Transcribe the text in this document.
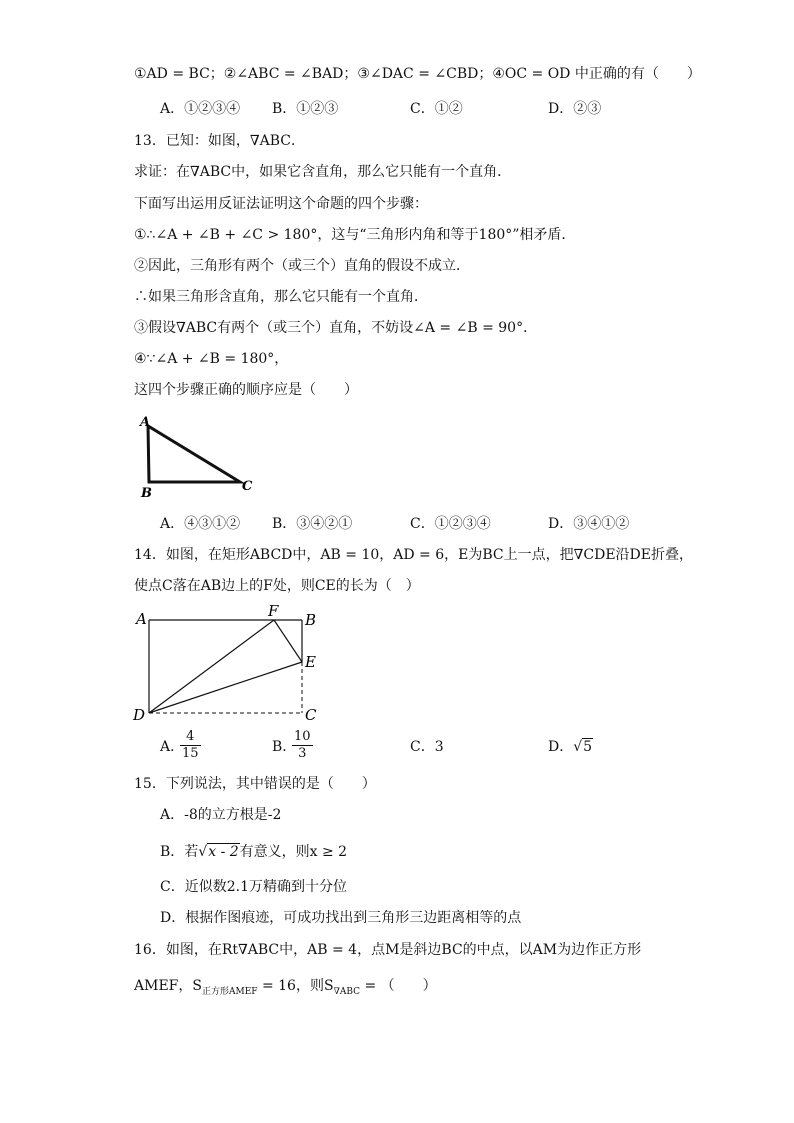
①AD = BC；②∠ABC = ∠BAD；③∠DAC = ∠CBD；④OC = OD 中正确的有（　　）
A．①②③④ B．①②③	C．①②	D．②③
13．已知：如图，∇ABC．
求证：在∇ABC中，如果它含直角，那么它只能有一个直角．
下面写出运用反证法证明这个命题的四个步骤：
①∴∠A + ∠B + ∠C > 180°，这与“三角形内角和等于180°”相矛盾．
②因此，三角形有两个（或三个）直角的假设不成立．
∴如果三角形含直角，那么它只能有一个直角．
③假设∇ABC有两个（或三个）直角，不妨设∠A = ∠B = 90°．
④∵∠A + ∠B = 180°，
这四个步骤正确的顺序应是（　　）
A
B	C
A．④③①② B．③④②①	C．①②③④	D．③④①②
14．如图，在矩形ABCD中，AB = 10，AD = 6，E为BC上一点，把∇CDE沿DE折叠，
使点C落在AB边上的F处，则CE的长为（　）
A	F B
E
D	C
A．
$\frac{4}{15}$	B．
$\frac{10}{3}$	C．3	D．√5
15．下列说法，其中错误的是（　　）
A．-8的立方根是-2
B．若√x - 2有意义，则x ≥ 2
C．近似数2.1万精确到十分位
D．根据作图痕迹，可成功找出到三角形三边距离相等的点
16．如图，在Rt∇ABC中，AB = 4，点M是斜边BC的中点，以AM为边作正方形
AMEF，$S_{正方形AMEF} = 16$，则$S_{\nabla ABC}$ = （　　）
